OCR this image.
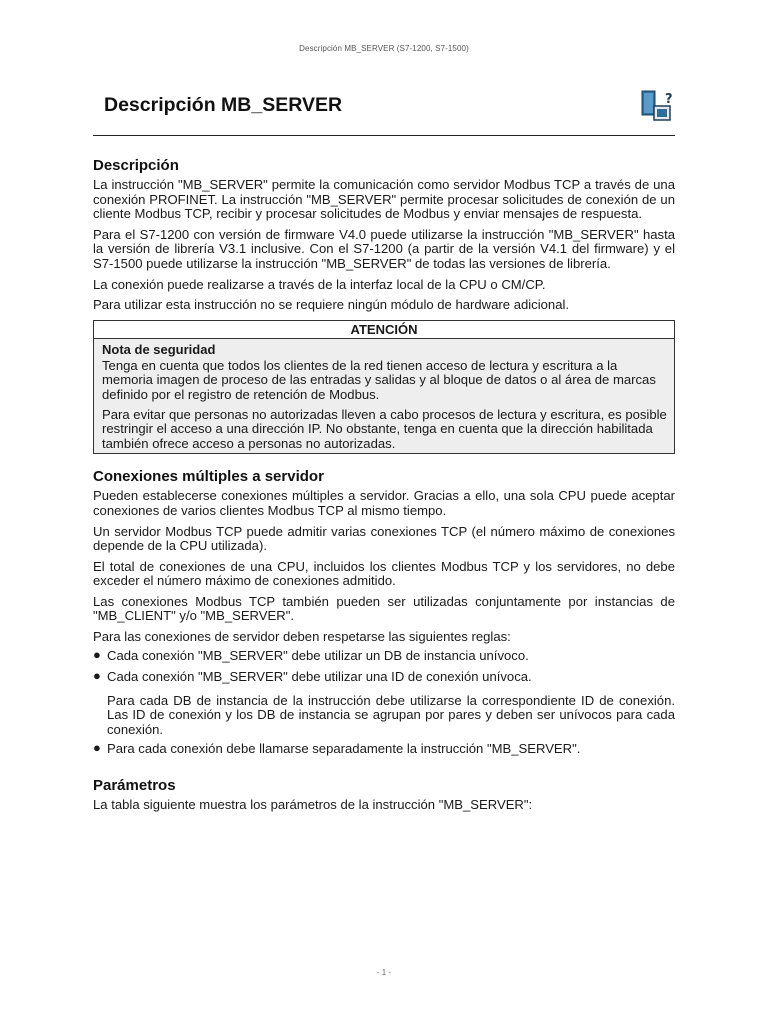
Descripción MB_SERVER (S7-1200, S7-1500)
Descripción MB_SERVER	?
Descripción

La instrucción "MB_SERVER" permite la comunicación como servidor Modbus TCP a través de una conexión PROFINET. La instrucción "MB_SERVER" permite procesar solicitudes de conexión de un cliente Modbus TCP, recibir y procesar solicitudes de Modbus y enviar mensajes de respuesta.

Para el S7-1200 con versión de firmware V4.0 puede utilizarse la instrucción "MB_SERVER" hasta la versión de librería V3.1 inclusive. Con el S7-1200 (a partir de la versión V4.1 del firmware) y el S7-1500 puede utilizarse la instrucción "MB_SERVER" de todas las versiones de librería.

La conexión puede realizarse a través de la interfaz local de la CPU o CM/CP.

Para utilizar esta instrucción no se requiere ningún módulo de hardware adicional.

ATENCIÓN
Nota de seguridad

Tenga en cuenta que todos los clientes de la red tienen acceso de lectura y escritura a la memoria imagen de proceso de las entradas y salidas y al bloque de datos o al área de marcas definido por el registro de retención de Modbus.

Para evitar que personas no autorizadas lleven a cabo procesos de lectura y escritura, es posible restringir el acceso a una dirección IP. No obstante, tenga en cuenta que la dirección habilitada también ofrece acceso a personas no autorizadas.

Conexiones múltiples a servidor

Pueden establecerse conexiones múltiples a servidor. Gracias a ello, una sola CPU puede aceptar conexiones de varios clientes Modbus TCP al mismo tiempo.

Un servidor Modbus TCP puede admitir varias conexiones TCP (el número máximo de conexiones depende de la CPU utilizada).

El total de conexiones de una CPU, incluidos los clientes Modbus TCP y los servidores, no debe exceder el número máximo de conexiones admitido.

Las conexiones Modbus TCP también pueden ser utilizadas conjuntamente por instancias de "MB_CLIENT" y/o "MB_SERVER".

Para las conexiones de servidor deben respetarse las siguientes reglas:

● Cada conexión "MB_SERVER" debe utilizar un DB de instancia unívoco.
● Cada conexión "MB_SERVER" debe utilizar una ID de conexión unívoca.

Para cada DB de instancia de la instrucción debe utilizarse la correspondiente ID de conexión. Las ID de conexión y los DB de instancia se agrupan por pares y deben ser unívocos para cada conexión.

● Para cada conexión debe llamarse separadamente la instrucción "MB_SERVER".
Parámetros

La tabla siguiente muestra los parámetros de la instrucción "MB_SERVER":

- 1 -
